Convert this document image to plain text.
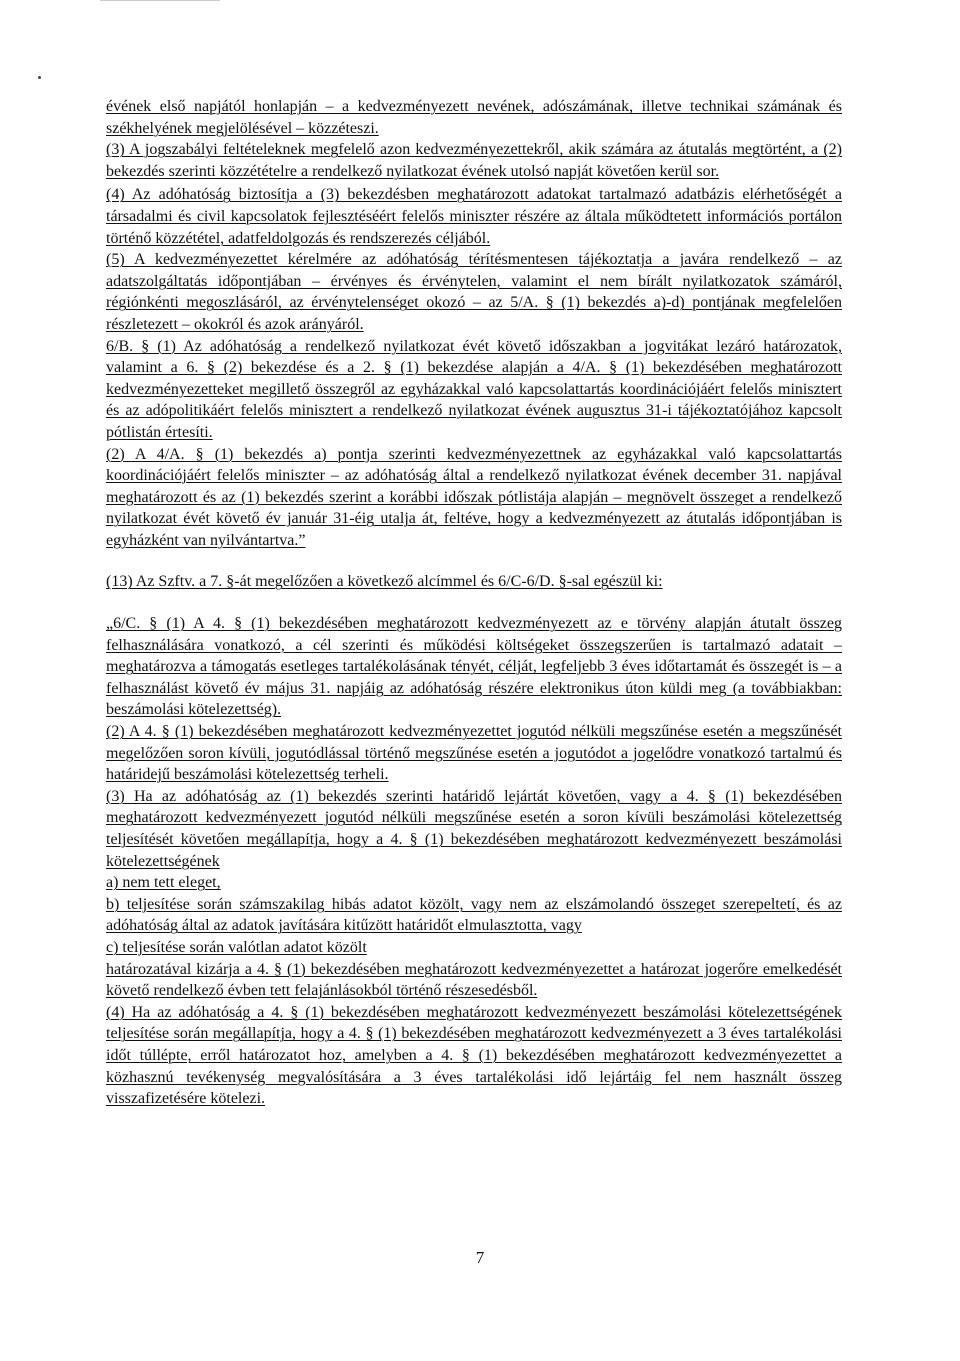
évének első napjától honlapján – a kedvezményezett nevének, adószámának, illetve technikai számának és székhelyének megjelölésével – közzéteszi.

(3) A jogszabályi feltételeknek megfelelő azon kedvezményezettekről, akik számára az átutalás megtörtént, a (2) bekezdés szerinti közzétételre a rendelkező nyilatkozat évének utolsó napját követően kerül sor.

(4) Az adóhatóság biztosítja a (3) bekezdésben meghatározott adatokat tartalmazó adatbázis elérhetőségét a társadalmi és civil kapcsolatok fejlesztéséért felelős miniszter részére az általa működtetett információs portálon történő közzététel, adatfeldolgozás és rendszerezés céljából.

(5) A kedvezményezettet kérelmére az adóhatóság térítésmentesen tájékoztatja a javára rendelkező – az adatszolgáltatás időpontjában – érvényes és érvénytelen, valamint el nem bírált nyilatkozatok számáról, régiónkénti megoszlásáról, az érvénytelenséget okozó – az 5/A. § (1) bekezdés a)-d) pontjának megfelelően részletezett – okokról és azok arányáról.

6/B. § (1) Az adóhatóság a rendelkező nyilatkozat évét követő időszakban a jogvitákat lezáró határozatok, valamint a 6. § (2) bekezdése és a 2. § (1) bekezdése alapján a 4/A. § (1) bekezdésében meghatározott kedvezményezetteket megillető összegről az egyházakkal való kapcsolattartás koordinációjáért felelős minisztert és az adópolitikáért felelős minisztert a rendelkező nyilatkozat évének augusztus 31-i tájékoztatójához kapcsolt pótlistán értesíti.

(2) A 4/A. § (1) bekezdés a) pontja szerinti kedvezményezettnek az egyházakkal való kapcsolattartás koordinációjáért felelős miniszter – az adóhatóság által a rendelkező nyilatkozat évének december 31. napjával meghatározott és az (1) bekezdés szerint a korábbi időszak pótlistája alapján – megnövelt összeget a rendelkező nyilatkozat évét követő év január 31-éig utalja át, feltéve, hogy a kedvezményezett az átutalás időpontjában is egyházként van nyilvántartva.”

(13) Az Szftv. a 7. §-át megelőzően a következő alcímmel és 6/C-6/D. §-sal egészül ki:

„6/C. § (1) A 4. § (1) bekezdésében meghatározott kedvezményezett az e törvény alapján átutalt összeg felhasználására vonatkozó, a cél szerinti és működési költségeket összegszerűen is tartalmazó adatait – meghatározva a támogatás esetleges tartalékolásának tényét, célját, legfeljebb 3 éves időtartamát és összegét is – a felhasználást követő év május 31. napjáig az adóhatóság részére elektronikus úton küldi meg (a továbbiakban: beszámolási kötelezettség).

(2) A 4. § (1) bekezdésében meghatározott kedvezményezettet jogutód nélküli megszűnése esetén a megszűnését megelőzően soron kívüli, jogutódlással történő megszűnése esetén a jogutódot a jogelődre vonatkozó tartalmú és határidejű beszámolási kötelezettség terheli.

(3) Ha az adóhatóság az (1) bekezdés szerinti határidő lejártát követően, vagy a 4. § (1) bekezdésében meghatározott kedvezményezett jogutód nélküli megszűnése esetén a soron kívüli beszámolási kötelezettség teljesítését követően megállapítja, hogy a 4. § (1) bekezdésében meghatározott kedvezményezett beszámolási kötelezettségének

a) nem tett eleget,

b) teljesítése során számszakilag hibás adatot közölt, vagy nem az elszámolandó összeget szerepeltetí, és az adóhatóság által az adatok javítására kitűzött határidőt elmulasztotta, vagy

c) teljesítése során valótlan adatot közölt

határozatával kizárja a 4. § (1) bekezdésében meghatározott kedvezményezettet a határozat jogerőre emelkedését követő rendelkező évben tett felajánlásokból történő részesedésből.

(4) Ha az adóhatóság a 4. § (1) bekezdésében meghatározott kedvezményezett beszámolási kötelezettségének teljesítése során megállapítja, hogy a 4. § (1) bekezdésében meghatározott kedvezményezett a 3 éves tartalékolási időt túllépte, erről határozatot hoz, amelyben a 4. § (1) bekezdésében meghatározott kedvezményezettet a közhasznú tevékenység megvalósítására a 3 éves tartalékolási idő lejártáig fel nem használt összeg visszafizetésére kötelezi.

7
